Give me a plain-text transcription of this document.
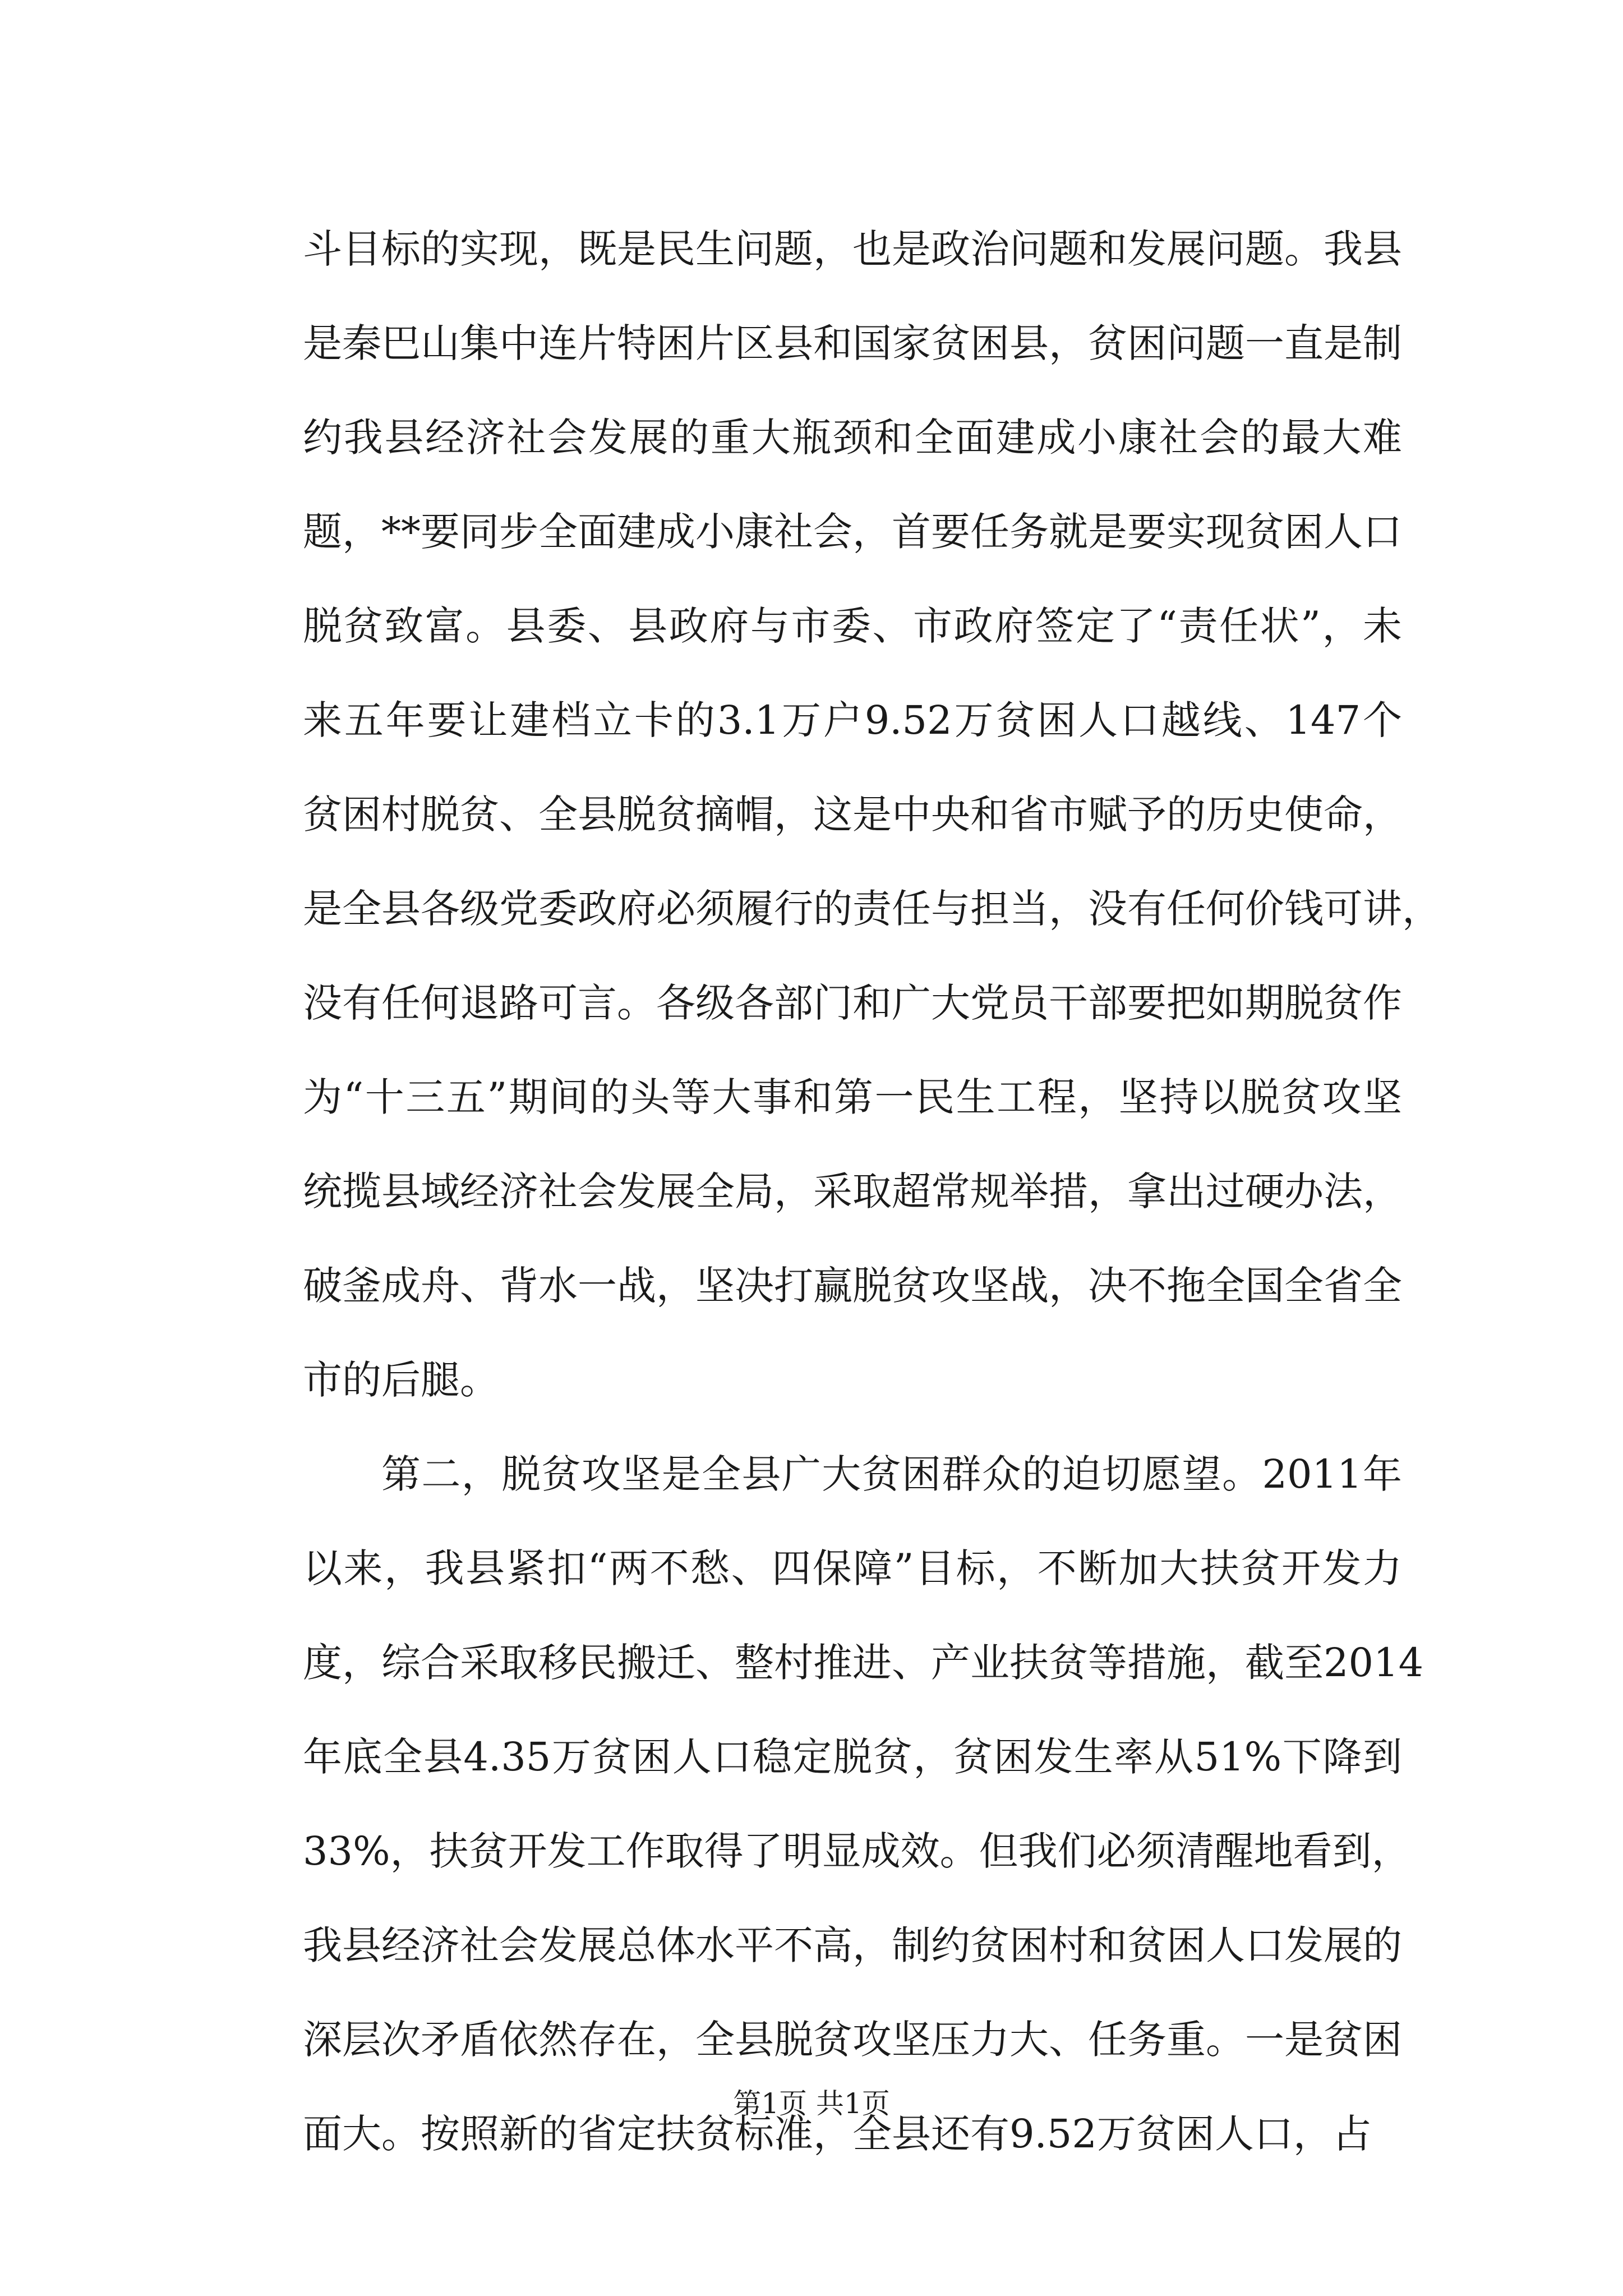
斗目标的实现，既是民生问题，也是政治问题和发展问题。我县
是秦巴山集中连片特困片区县和国家贫困县，贫困问题一直是制
约我县经济社会发展的重大瓶颈和全面建成小康社会的最大难
题，**要同步全面建成小康社会，首要任务就是要实现贫困人口
脱贫致富。县委、县政府与市委、市政府签定了“责任状”，未
来五年要让建档立卡的3.1万户9.52万贫困人口越线、147个
贫困村脱贫、全县脱贫摘帽，这是中央和省市赋予的历史使命，
是全县各级党委政府必须履行的责任与担当，没有任何价钱可讲，
没有任何退路可言。各级各部门和广大党员干部要把如期脱贫作
为“十三五”期间的头等大事和第一民生工程，坚持以脱贫攻坚
统揽县域经济社会发展全局，采取超常规举措，拿出过硬办法，
破釜成舟、背水一战，坚决打赢脱贫攻坚战，决不拖全国全省全
市的后腿。
第二，脱贫攻坚是全县广大贫困群众的迫切愿望。2011年
以来，我县紧扣“两不愁、四保障”目标，不断加大扶贫开发力
度，综合采取移民搬迁、整村推进、产业扶贫等措施，截至2014
年底全县4.35万贫困人口稳定脱贫，贫困发生率从51%下降到
33%，扶贫开发工作取得了明显成效。但我们必须清醒地看到，
我县经济社会发展总体水平不高，制约贫困村和贫困人口发展的
深层次矛盾依然存在，全县脱贫攻坚压力大、任务重。一是贫困
面大。按照新的省定扶贫标准，全县还有9.52万贫困人口，占
第1页 共1页
